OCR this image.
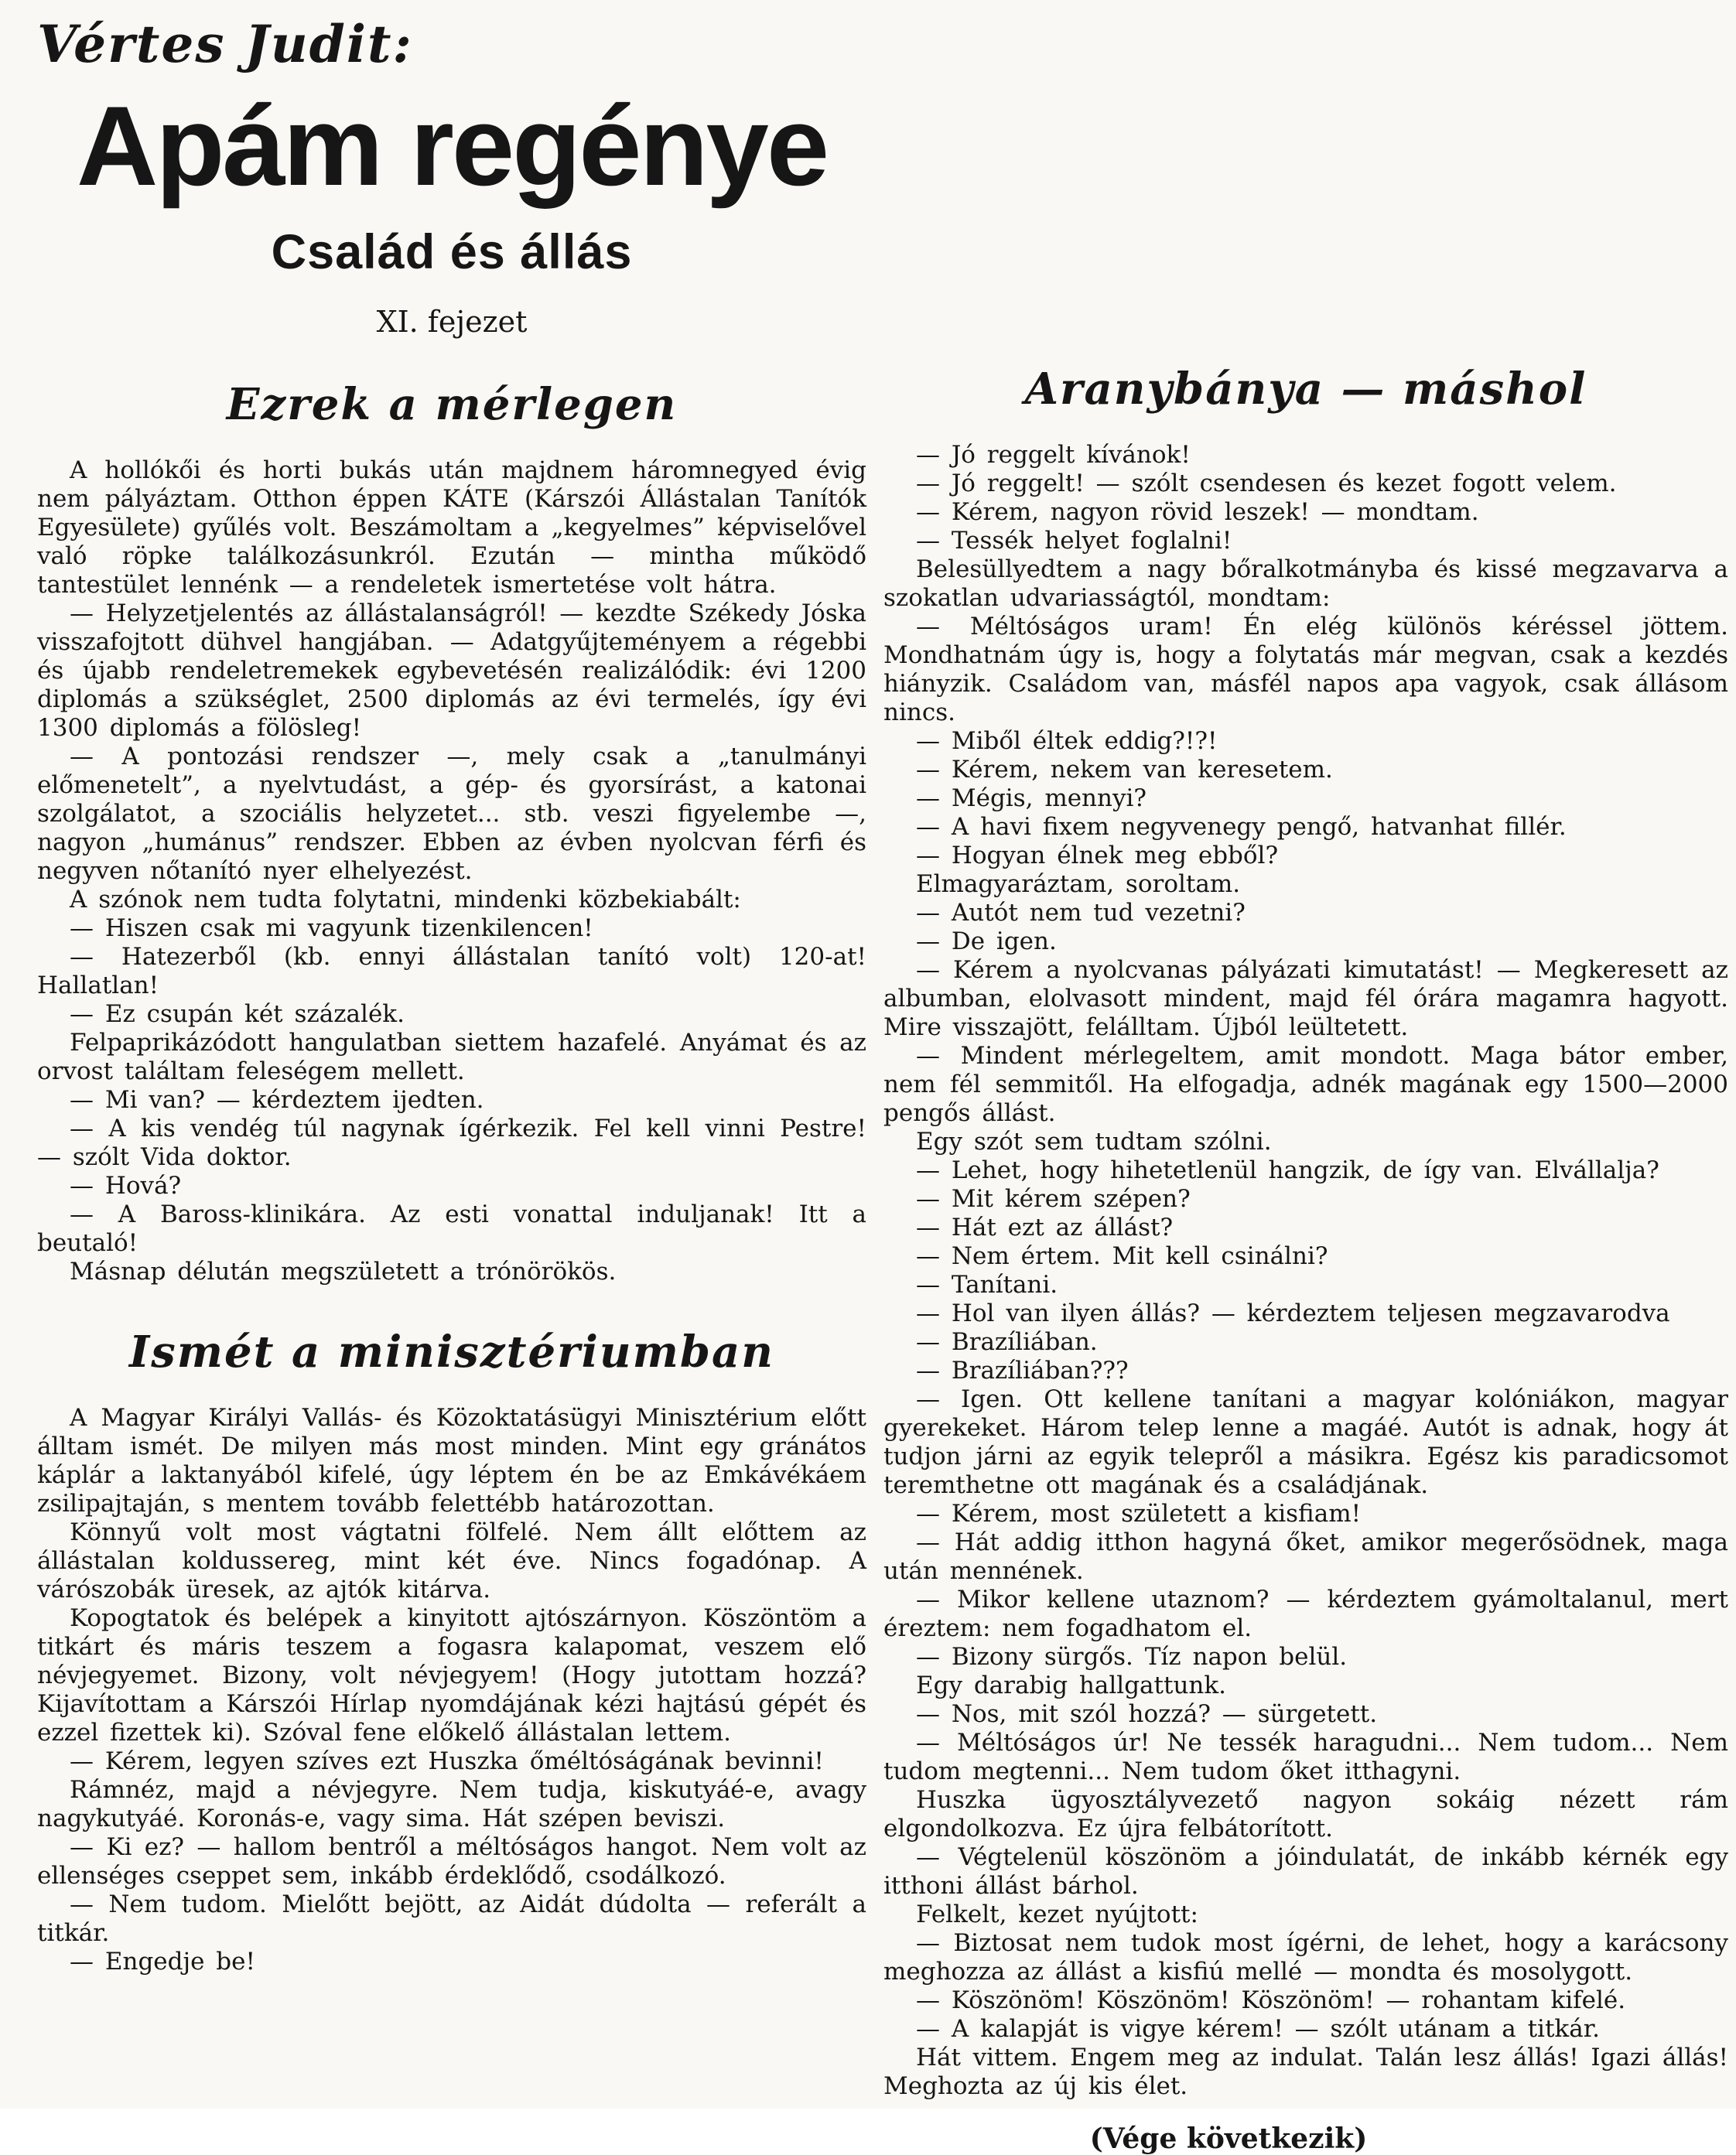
Vértes Judit:

Apám regénye
Család és állás
XI. fejezet
Ezrek a mérlegen

A hollókői és horti bukás után majdnem háromnegyed évig nem pályáztam. Otthon éppen KÁTE (Kárszói Állástalan Tanítók Egyesülete) gyűlés volt. Beszámoltam a „kegyelmes” képviselővel való röpke találkozásunkról. Ezután — mintha működő tantestület lennénk — a rendeletek ismertetése volt hátra.

— Helyzetjelentés az állástalanságról! — kezdte Székedy Jóska visszafojtott dühvel hangjában. — Adatgyűjteményem a régebbi és újabb rendeletremekek egybevetésén realizálódik: évi 1200 diplomás a szükséglet, 2500 diplomás az évi termelés, így évi 1300 diplomás a fölösleg!

— A pontozási rendszer —, mely csak a „tanulmányi előmenetelt”, a nyelvtudást, a gép- és gyorsírást, a katonai szolgálatot, a szociális helyzetet... stb. veszi figyelembe —, nagyon „humánus” rendszer. Ebben az évben nyolcvan férfi és negyven nőtanító nyer elhelyezést.

A szónok nem tudta folytatni, mindenki közbekiabált:

— Hiszen csak mi vagyunk tizenkilencen!

— Hatezerből (kb. ennyi állástalan tanító volt) 120-at! Hallatlan!

— Ez csupán két százalék.

Felpaprikázódott hangulatban siettem hazafelé. Anyámat és az orvost találtam feleségem mellett.

— Mi van? — kérdeztem ijedten.

— A kis vendég túl nagynak ígérkezik. Fel kell vinni Pestre! — szólt Vida doktor.

— Hová?

— A Baross-klinikára. Az esti vonattal induljanak! Itt a beutaló!

Másnap délután megszületett a trónörökös.

Ismét a minisztériumban

A Magyar Királyi Vallás- és Közoktatásügyi Minisztérium előtt álltam ismét. De milyen más most minden. Mint egy gránátos káplár a laktanyából kifelé, úgy léptem én be az Emkávékáem zsilipajtaján, s mentem tovább felettébb határozottan.

Könnyű volt most vágtatni fölfelé. Nem állt előttem az állástalan koldussereg, mint két éve. Nincs fogadónap. A várószobák üresek, az ajtók kitárva.

Kopogtatok és belépek a kinyitott ajtószárnyon. Köszöntöm a titkárt és máris teszem a fogasra kalapomat, veszem elő névjegyemet. Bizony, volt névjegyem! (Hogy jutottam hozzá? Kijavítottam a Kárszói Hírlap nyomdájának kézi hajtású gépét és ezzel fizettek ki). Szóval fene előkelő állástalan lettem.

— Kérem, legyen szíves ezt Huszka őméltóságának bevinni!

Rámnéz, majd a névjegyre. Nem tudja, kiskutyáé-e, avagy nagykutyáé. Koronás-e, vagy sima. Hát szépen beviszi.

— Ki ez? — hallom bentről a méltóságos hangot. Nem volt az ellenséges cseppet sem, inkább érdeklődő, csodálkozó.

— Nem tudom. Mielőtt bejött, az Aidát dúdolta — referált a titkár.

— Engedje be!

Aranybánya — máshol

— Jó reggelt kívánok!

— Jó reggelt! — szólt csendesen és kezet fogott velem.

— Kérem, nagyon rövid leszek! — mondtam.

— Tessék helyet foglalni!

Belesüllyedtem a nagy bőralkotmányba és kissé megzavarva a szokatlan udvariasságtól, mondtam:

— Méltóságos uram! Én elég különös kéréssel jöttem. Mondhatnám úgy is, hogy a folytatás már megvan, csak a kezdés hiányzik. Családom van, másfél napos apa vagyok, csak állásom nincs.

— Miből éltek eddig?!?!

— Kérem, nekem van keresetem.

— Mégis, mennyi?

— A havi fixem negyvenegy pengő, hatvanhat fillér.

— Hogyan élnek meg ebből?

Elmagyaráztam, soroltam.

— Autót nem tud vezetni?

— De igen.

— Kérem a nyolcvanas pályázati kimutatást! — Megkeresett az albumban, elolvasott mindent, majd fél órára magamra hagyott. Mire visszajött, felálltam. Újból leültetett.

— Mindent mérlegeltem, amit mondott. Maga bátor ember, nem fél semmitől. Ha elfogadja, adnék magának egy 1500—2000 pengős állást.

Egy szót sem tudtam szólni.

— Lehet, hogy hihetetlenül hangzik, de így van. Elvállalja?

— Mit kérem szépen?

— Hát ezt az állást?

— Nem értem. Mit kell csinálni?

— Tanítani.

— Hol van ilyen állás? — kérdeztem teljesen megzavarodva

— Brazíliában.

— Brazíliában???

— Igen. Ott kellene tanítani a magyar kolóniákon, magyar gyerekeket. Három telep lenne a magáé. Autót is adnak, hogy át tudjon járni az egyik telepről a másikra. Egész kis paradicsomot teremthetne ott magának és a családjának.

— Kérem, most született a kisfiam!

— Hát addig itthon hagyná őket, amikor megerősödnek, maga után mennének.

— Mikor kellene utaznom? — kérdeztem gyámoltalanul, mert éreztem: nem fogadhatom el.

— Bizony sürgős. Tíz napon belül.

Egy darabig hallgattunk.

— Nos, mit szól hozzá? — sürgetett.

— Méltóságos úr! Ne tessék haragudni... Nem tudom... Nem tudom megtenni... Nem tudom őket itthagyni.

Huszka ügyosztályvezető nagyon sokáig nézett rám elgondolkozva. Ez újra felbátorított.

— Végtelenül köszönöm a jóindulatát, de inkább kérnék egy itthoni állást bárhol.

Felkelt, kezet nyújtott:

— Biztosat nem tudok most ígérni, de lehet, hogy a karácsony meghozza az állást a kisfiú mellé — mondta és mosolygott.

— Köszönöm! Köszönöm! Köszönöm! — rohantam kifelé.

— A kalapját is vigye kérem! — szólt utánam a titkár.

Hát vittem. Engem meg az indulat. Talán lesz állás! Igazi állás! Meghozta az új kis élet.

(Vége következik)
